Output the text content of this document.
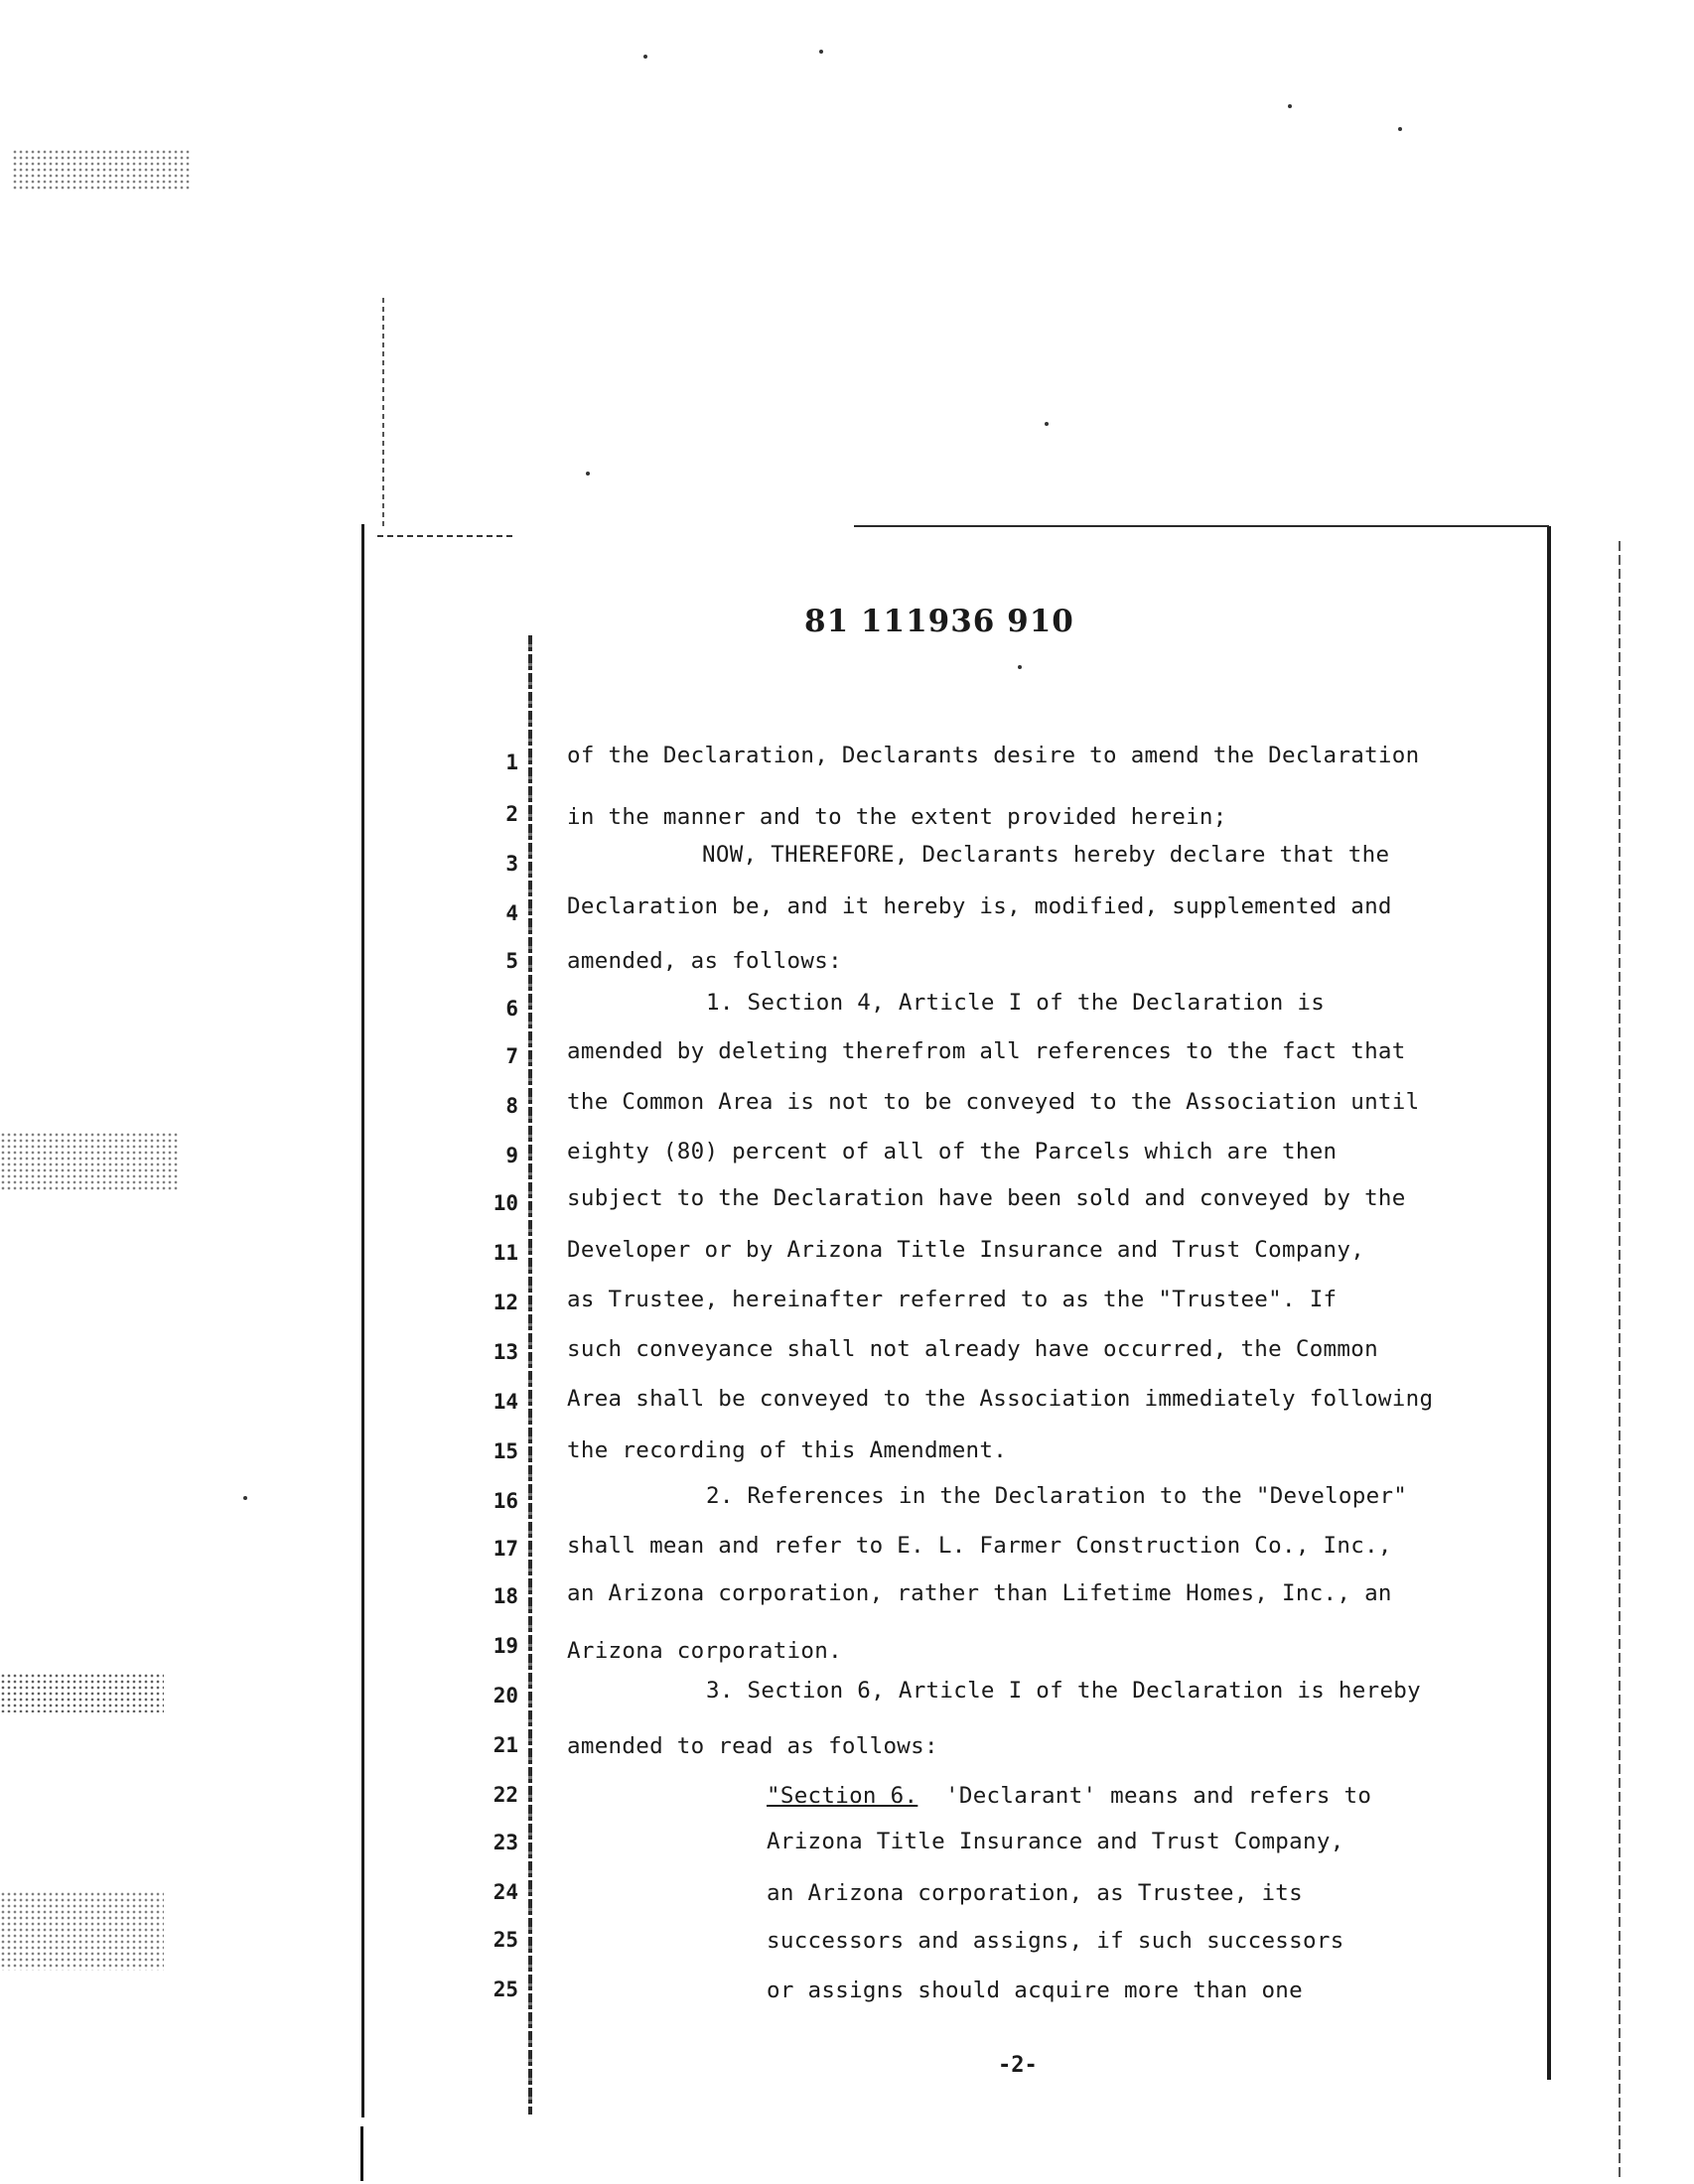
81 111936 910
1
2
3
4
5
6
7
8
9
10
11
12
13
14
15
16
17
18
19
20
21
22
23
24
25
25
of the Declaration, Declarants desire to amend the Declaration
in the manner and to the extent provided herein;
NOW, THEREFORE, Declarants hereby declare that the
Declaration be, and it hereby is, modified, supplemented and
amended, as follows:
1. Section 4, Article I of the Declaration is
amended by deleting therefrom all references to the fact that
the Common Area is not to be conveyed to the Association until
eighty (80) percent of all of the Parcels which are then
subject to the Declaration have been sold and conveyed by the
Developer or by Arizona Title Insurance and Trust Company,
as Trustee, hereinafter referred to as the "Trustee". If
such conveyance shall not already have occurred, the Common
Area shall be conveyed to the Association immediately following
the recording of this Amendment.
2. References in the Declaration to the "Developer"
shall mean and refer to E. L. Farmer Construction Co., Inc.,
an Arizona corporation, rather than Lifetime Homes, Inc., an
Arizona corporation.
3. Section 6, Article I of the Declaration is hereby
amended to read as follows:
"Section 6. 'Declarant' means and refers to
Arizona Title Insurance and Trust Company,
an Arizona corporation, as Trustee, its
successors and assigns, if such successors
or assigns should acquire more than one
-2-
